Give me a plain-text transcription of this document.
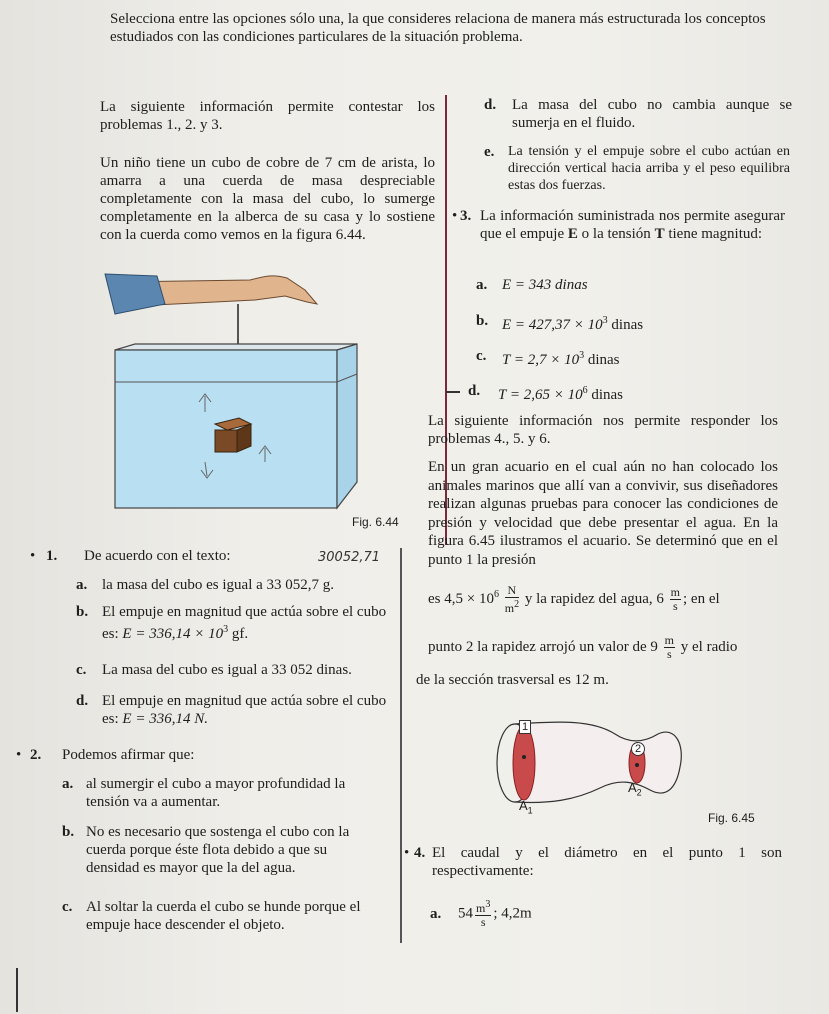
Selecciona entre las opciones sólo una, la que consideres relaciona de manera más estructurada los conceptos estudiados con las condiciones particulares de la situación problema.
La siguiente información permite contestar los problemas 1., 2. y 3.
Un niño tiene un cubo de cobre de 7 cm de arista, lo amarra a una cuerda de masa despreciable completamente con la masa del cubo, lo sumerge completamente en la alberca de su casa y lo sostiene con la cuerda como vemos en la figura 6.44.
Fig. 6.44
• 1. De acuerdo con el texto:	30052,71
a. la masa del cubo es igual a 33 052,7 g.
b. El empuje en magnitud que actúa sobre el cubo es: $E = 336,14 \times 10^3$ gf.
c. La masa del cubo es igual a 33 052 dinas.
d. El empuje en magnitud que actúa sobre el cubo es: E = 336,14 N.
• 2. Podemos afirmar que:
a. al sumergir el cubo a mayor profundidad la tensión va a aumentar.
b. No es necesario que sostenga el cubo con la cuerda porque éste flota debido a que su densidad es mayor que la del agua.
c. Al soltar la cuerda el cubo se hunde porque el empuje hace descender el objeto.
d. La masa del cubo no cambia aunque se sumerja en el fluido.
e. La tensión y el empuje sobre el cubo actúan en dirección vertical hacia arriba y el peso equilibra estas dos fuerzas.
• 3. La información suministrada nos permite asegurar que el empuje E o la tensión T tiene magnitud:
a. E = 343 dinas
b. $E = 427,37 \times 10^3$ dinas
c. $T = 2,7 \times 10^3$ dinas
d. $T = 2,65 \times 10^6$ dinas
La siguiente información nos permite responder los problemas 4., 5. y 6.
En un gran acuario en el cual aún no han colocado los animales marinos que allí van a convivir, sus diseñadores realizan algunas pruebas para conocer las condiciones de presión y velocidad que debe presentar el agua. En la figura 6.45 ilustramos el acuario. Se determinó que en el punto 1 la presión
es $4,5 \times 10^6 \frac{N}{m^2}$ y la rapidez del agua, $6 \frac{m}{s}$ ; en el
punto 2 la rapidez arrojó un valor de $9 \frac{m}{s}$ y el radio
de la sección trasversal es 12 m.
1
2
$A_1$
$A_2$
Fig. 6.45
• 4. El caudal y el diámetro en el punto 1 son respectivamente:
a. $54 \frac{m^3}{s}$ ; 4,2m
